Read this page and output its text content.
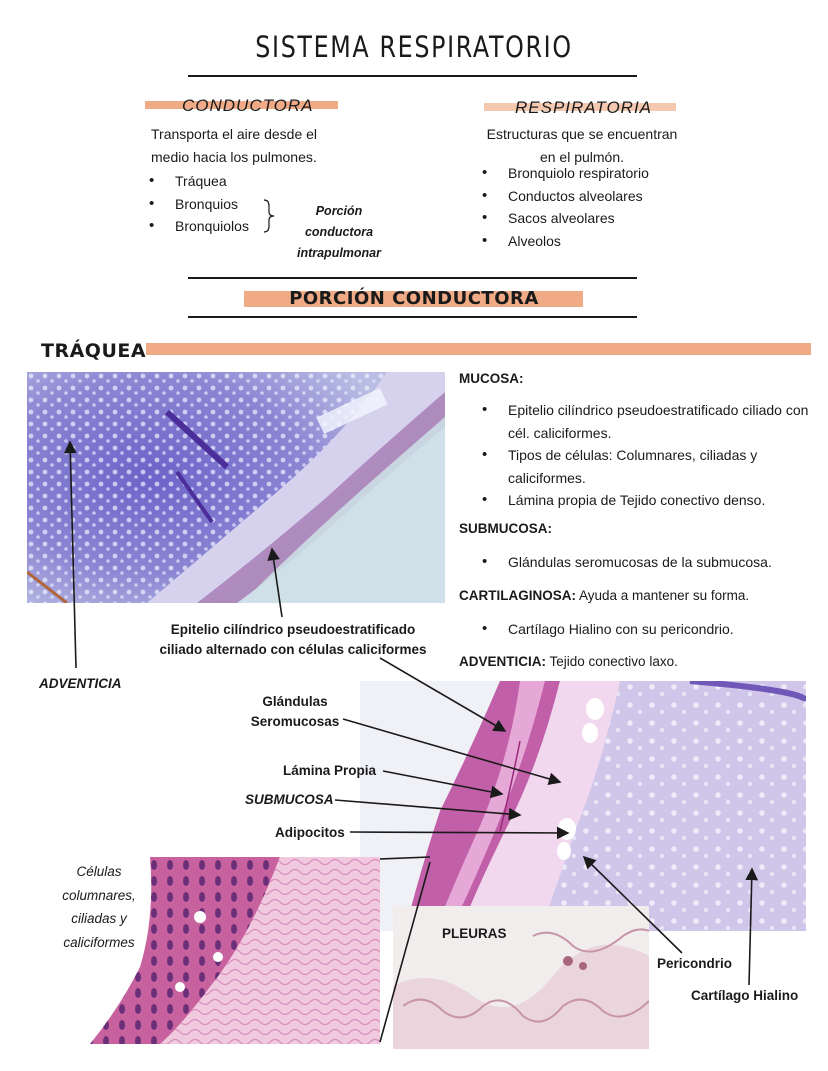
SISTEMA RESPIRATORIO
CONDUCTORA
Transporta el aire desde el
medio hacia los pulmones.
• Tráquea
• Bronquios
• Bronquiolos
Porción conductora
intrapulmonar
RESPIRATORIA
Estructuras que se encuentran
en el pulmón.
• Bronquiolo respiratorio
• Conductos alveolares
• Sacos alveolares
• Alveolos
PORCIÓN CONDUCTORA
TRÁQUEA
MUCOSA:
• Epitelio cilíndrico pseudoestratificado ciliado con cél. caliciformes.
• Tipos de células: Columnares, ciliadas y caliciformes.
• Lámina propia de Tejido conectivo denso.
SUBMUCOSA:
• Glándulas seromucosas de la submucosa.
CARTILAGINOSA: Ayuda a mantener su forma.
• Cartílago Hialino con su pericondrio.
ADVENTICIA: Tejido conectivo laxo.
Epitelio cilíndrico pseudoestratificado
ciliado alternado con células caliciformes
ADVENTICIA
Glándulas
Seromucosas
Lámina Propia
SUBMUCOSA
Adipocitos
Pericondrio
Cartílago Hialino
Células
columnares,
ciliadas y
caliciformes
PLEURAS
